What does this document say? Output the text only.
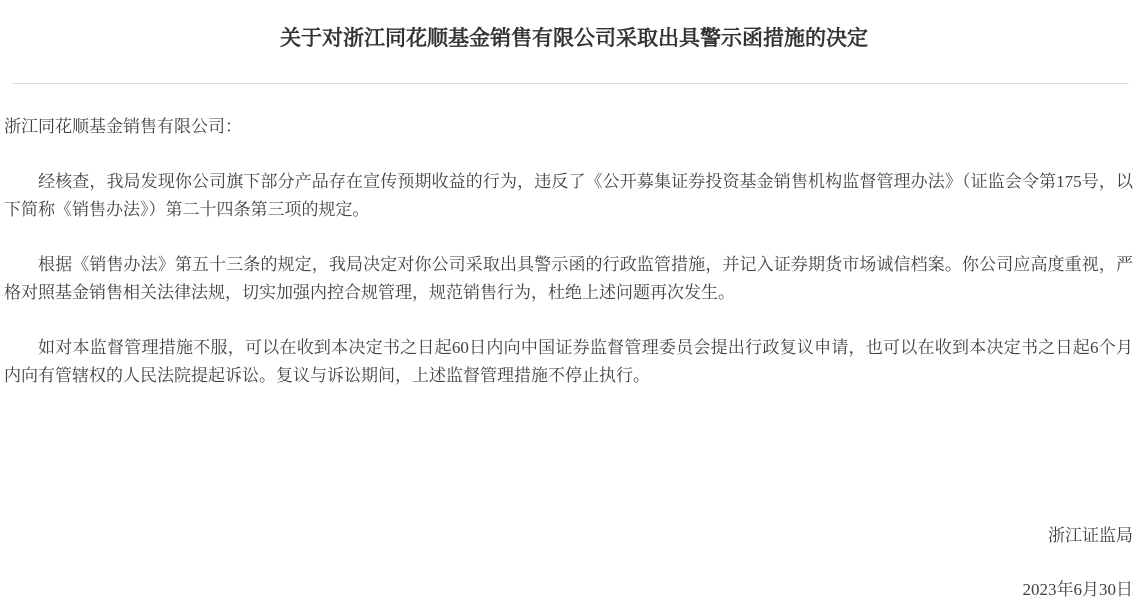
关于对浙江同花顺基金销售有限公司采取出具警示函措施的决定

浙江同花顺基金销售有限公司：

经核查，我局发现你公司旗下部分产品存在宣传预期收益的行为，违反了《公开募集证券投资基金销售机构监督管理办法》（证监会令第175号，以下简称《销售办法》）第二十四条第三项的规定。

根据《销售办法》第五十三条的规定，我局决定对你公司采取出具警示函的行政监管措施，并记入证券期货市场诚信档案。你公司应高度重视，严格对照基金销售相关法律法规，切实加强内控合规管理，规范销售行为，杜绝上述问题再次发生。

如对本监督管理措施不服，可以在收到本决定书之日起60日内向中国证券监督管理委员会提出行政复议申请，也可以在收到本决定书之日起6个月内向有管辖权的人民法院提起诉讼。复议与诉讼期间，上述监督管理措施不停止执行。

浙江证监局

2023年6月30日
